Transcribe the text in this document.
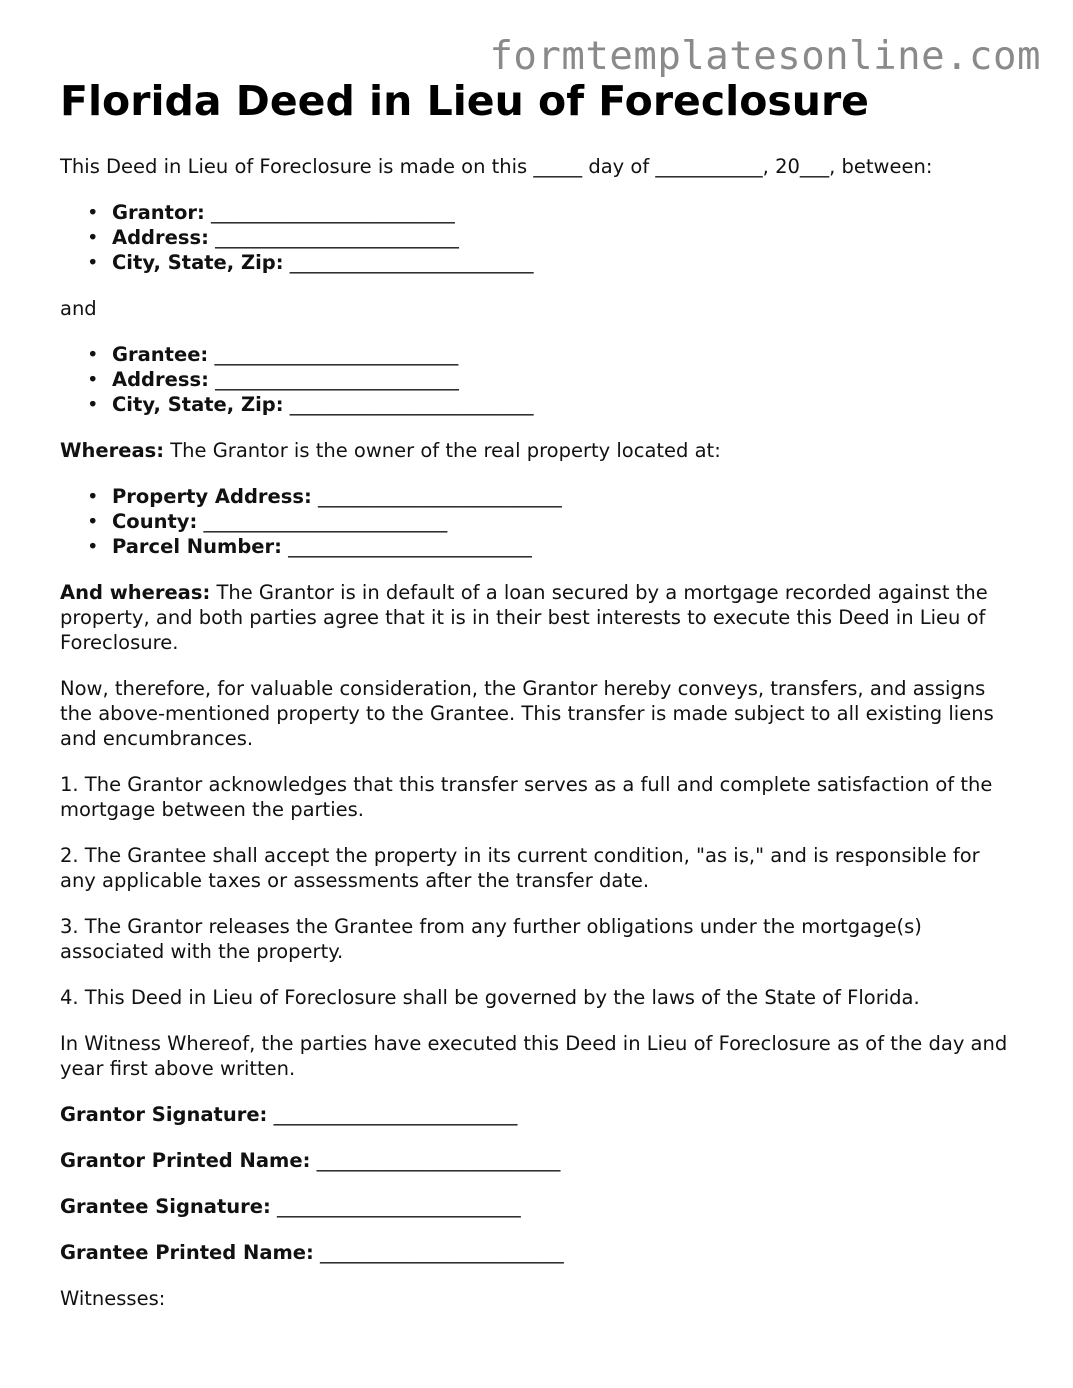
formtemplatesonline.com
Florida Deed in Lieu of Foreclosure

This Deed in Lieu of Foreclosure is made on this _____ day of ___________, 20___, between:

• Grantor: _________________________
• Address: _________________________
• City, State, Zip: _________________________

and

• Grantee: _________________________
• Address: _________________________
• City, State, Zip: _________________________

Whereas: The Grantor is the owner of the real property located at:

• Property Address: _________________________
• County: _________________________
• Parcel Number: _________________________

And whereas: The Grantor is in default of a loan secured by a mortgage recorded against the property, and both parties agree that it is in their best interests to execute this Deed in Lieu of Foreclosure.

Now, therefore, for valuable consideration, the Grantor hereby conveys, transfers, and assigns the above-mentioned property to the Grantee. This transfer is made subject to all existing liens and encumbrances.

1. The Grantor acknowledges that this transfer serves as a full and complete satisfaction of the mortgage between the parties.

2. The Grantee shall accept the property in its current condition, "as is," and is responsible for any applicable taxes or assessments after the transfer date.

3. The Grantor releases the Grantee from any further obligations under the mortgage(s) associated with the property.

4. This Deed in Lieu of Foreclosure shall be governed by the laws of the State of Florida.

In Witness Whereof, the parties have executed this Deed in Lieu of Foreclosure as of the day and year first above written.

Grantor Signature: _________________________

Grantor Printed Name: _________________________

Grantee Signature: _________________________

Grantee Printed Name: _________________________

Witnesses:
